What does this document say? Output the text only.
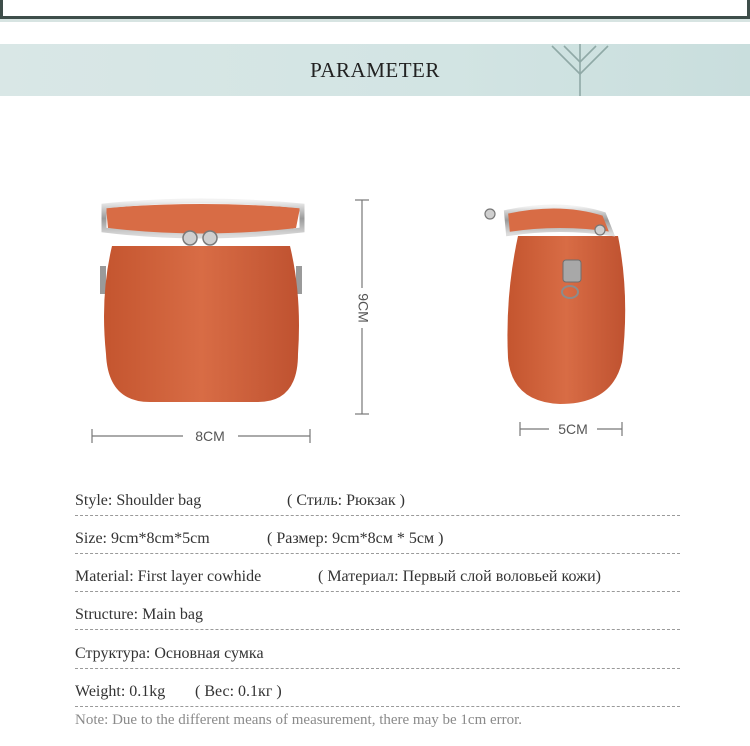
PARAMETER
9CM
8CM	5CM
Style: Shoulder bag	( Стиль: Рюкзак )
Size: 9cm*8cm*5cm	( Размер: 9cm*8см * 5см )
Material: First layer cowhide	( Материал: Первый слой воловьей кожи)
Structure: Main bag
Структура: Основная сумка
Weight: 0.1kg ( Вес: 0.1кг )
Note: Due to the different means of measurement, there may be 1cm error.
